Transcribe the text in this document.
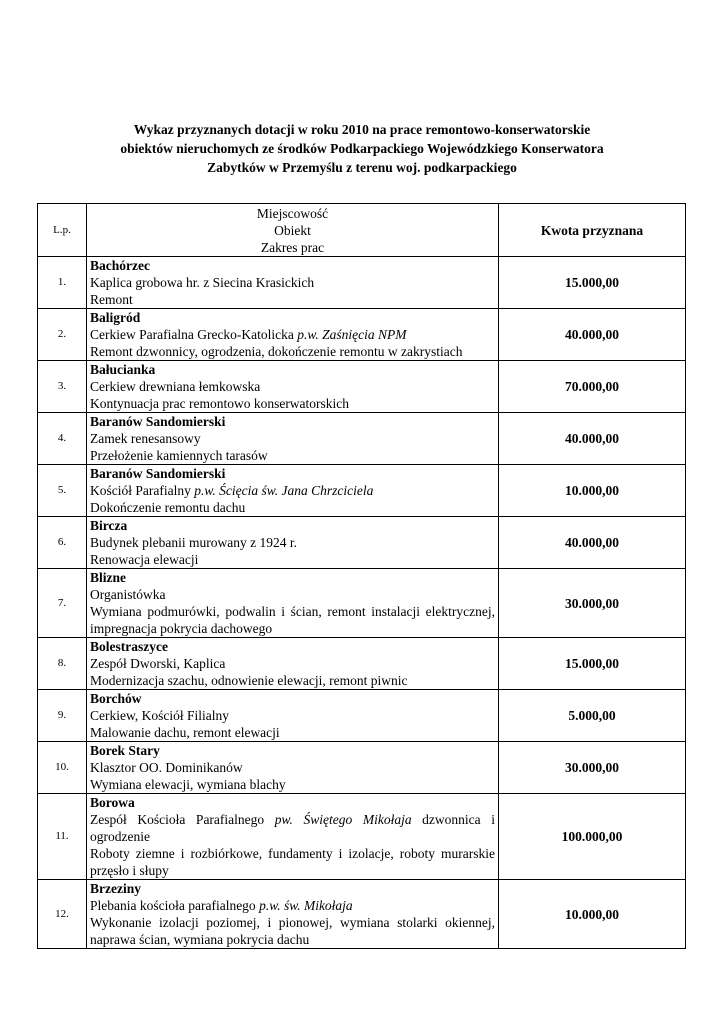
Wykaz przyznanych dotacji w roku 2010 na prace remontowo-konserwatorskie
obiektów nieruchomych ze środków Podkarpackiego Wojewódzkiego Konserwatora
Zabytków w Przemyślu z terenu woj. podkarpackiego
L.p.	Miejscowość
Obiekt
Zakres prac	Kwota przyznana
1.	Bachórzec
Kaplica grobowa hr. z Siecina Krasickich
Remont	15.000,00
2.	Baligród
Cerkiew Parafialna Grecko-Katolicka p.w. Zaśnięcia NPM
Remont dzwonnicy, ogrodzenia, dokończenie remontu w zakrystiach	40.000,00
3.	Bałucianka
Cerkiew drewniana łemkowska
Kontynuacja prac remontowo konserwatorskich	70.000,00
4.	Baranów Sandomierski
Zamek renesansowy
Przełożenie kamiennych tarasów	40.000,00
5.	Baranów Sandomierski
Kościół Parafialny p.w. Ścięcia św. Jana Chrzciciela
Dokończenie remontu dachu	10.000,00
6.	Bircza
Budynek plebanii murowany z 1924 r.
Renowacja elewacji	40.000,00
7.	Blizne
Organistówka
Wymiana podmurówki, podwalin i ścian, remont instalacji elektrycznej, impregnacja pokrycia dachowego	30.000,00
8.	Bolestraszyce
Zespół Dworski, Kaplica
Modernizacja szachu, odnowienie elewacji, remont piwnic	15.000,00
9.	Borchów
Cerkiew, Kościół Filialny
Malowanie dachu, remont elewacji	5.000,00
10.	Borek Stary
Klasztor OO. Dominikanów
Wymiana elewacji, wymiana blachy	30.000,00
11.	Borowa
Zespół Kościoła Parafialnego pw. Świętego Mikołaja dzwonnica i ogrodzenie
Roboty ziemne i rozbiórkowe, fundamenty i izolacje, roboty murarskie przęsło i słupy	100.000,00
12.	Brzeziny
Plebania kościoła parafialnego p.w. św. Mikołaja
Wykonanie izolacji poziomej, i pionowej, wymiana stolarki okiennej, naprawa ścian, wymiana pokrycia dachu	10.000,00
